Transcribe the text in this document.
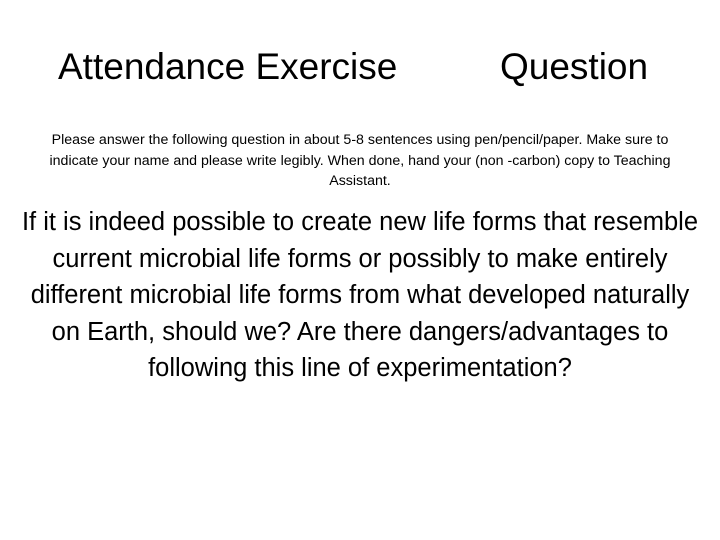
Attendance Exercise	Question
Please answer the following question in about 5-8 sentences using pen/pencil/paper. Make sure to indicate your name and please write legibly. When done, hand your (non -carbon) copy to Teaching Assistant.
If it is indeed possible to create new life forms that resemble current microbial life forms or possibly to make entirely different microbial life forms from what developed naturally on Earth, should we? Are there dangers/advantages to following this line of experimentation?
